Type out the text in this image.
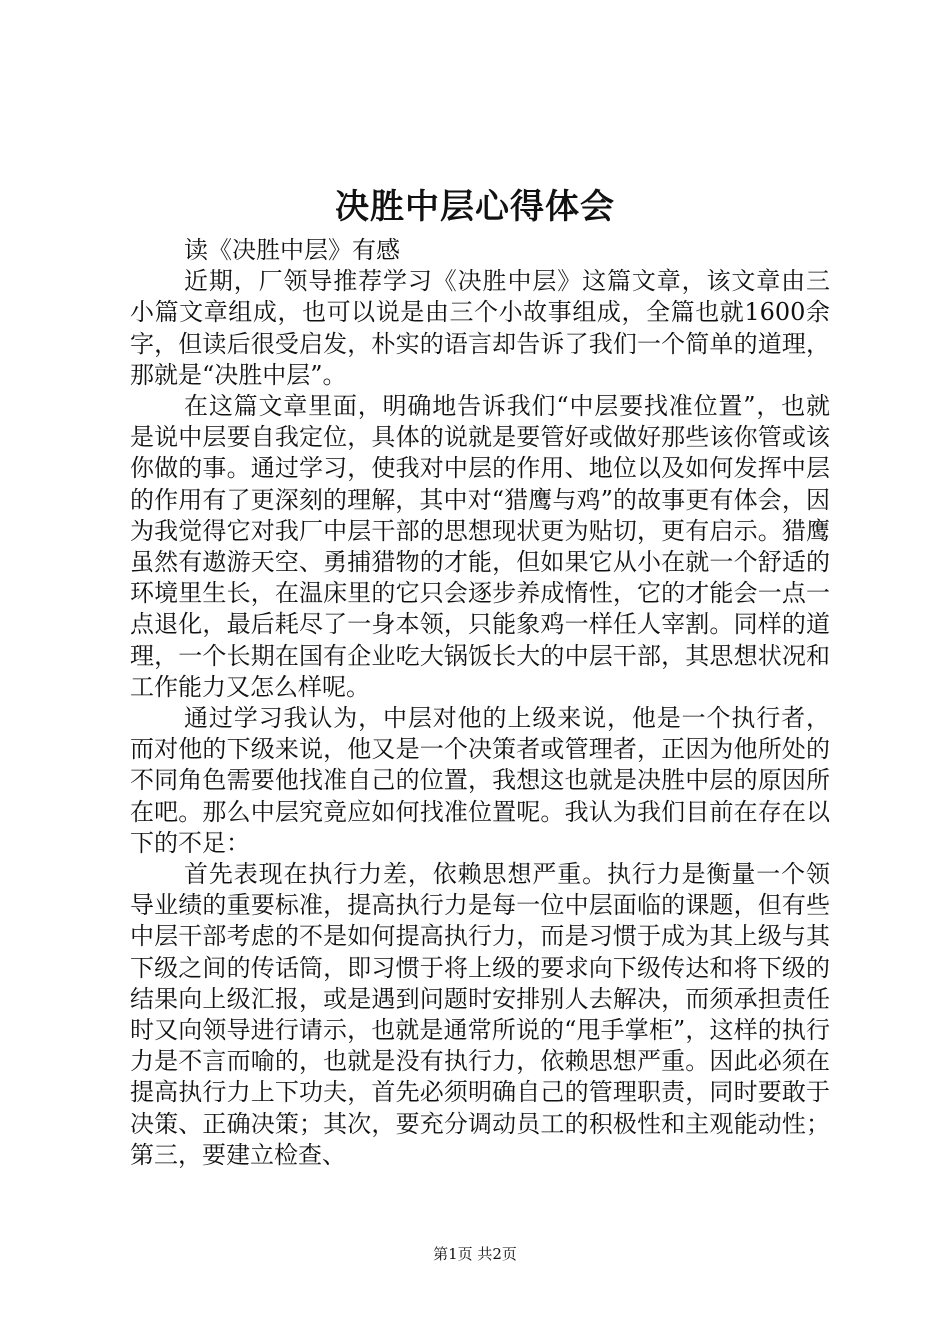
决胜中层心得体会

读《决胜中层》有感

近期，厂领导推荐学习《决胜中层》这篇文章，该文章由三小篇文章组成，也可以说是由三个小故事组成，全篇也就1600余字，但读后很受启发，朴实的语言却告诉了我们一个简单的道理，那就是“决胜中层”。

在这篇文章里面，明确地告诉我们“中层要找准位置”，也就是说中层要自我定位，具体的说就是要管好或做好那些该你管或该你做的事。通过学习，使我对中层的作用、地位以及如何发挥中层的作用有了更深刻的理解，其中对“猎鹰与鸡”的故事更有体会，因为我觉得它对我厂中层干部的思想现状更为贴切，更有启示。猎鹰虽然有遨游天空、勇捕猎物的才能，但如果它从小在就一个舒适的环境里生长，在温床里的它只会逐步养成惰性，它的才能会一点一点退化，最后耗尽了一身本领，只能象鸡一样任人宰割。同样的道理，一个长期在国有企业吃大锅饭长大的中层干部，其思想状况和工作能力又怎么样呢。

通过学习我认为，中层对他的上级来说，他是一个执行者，而对他的下级来说，他又是一个决策者或管理者，正因为他所处的不同角色需要他找准自己的位置，我想这也就是决胜中层的原因所在吧。那么中层究竟应如何找准位置呢。我认为我们目前在存在以下的不足：

首先表现在执行力差，依赖思想严重。执行力是衡量一个领导业绩的重要标准，提高执行力是每一位中层面临的课题，但有些中层干部考虑的不是如何提高执行力，而是习惯于成为其上级与其下级之间的传话筒，即习惯于将上级的要求向下级传达和将下级的结果向上级汇报，或是遇到问题时安排别人去解决，而须承担责任时又向领导进行请示，也就是通常所说的“甩手掌柜”，这样的执行力是不言而喻的，也就是没有执行力，依赖思想严重。因此必须在提高执行力上下功夫，首先必须明确自己的管理职责，同时要敢于决策、正确决策；其次，要充分调动员工的积极性和主观能动性；第三，要建立检查、

第1页 共2页
